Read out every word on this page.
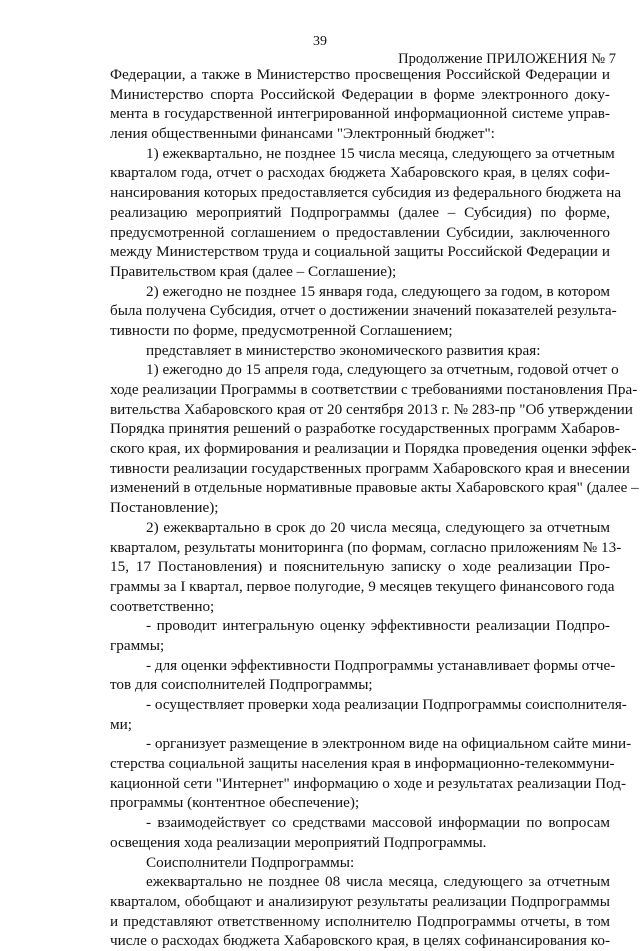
39
Продолжение ПРИЛОЖЕНИЯ № 7
Федерации, а также в Министерство просвещения Российской Федерации и
Министерство спорта Российской Федерации в форме электронного доку-
мента в государственной интегрированной информационной системе управ-
ления общественными финансами "Электронный бюджет":
1) ежеквартально, не позднее 15 числа месяца, следующего за отчетным
кварталом года, отчет о расходах бюджета Хабаровского края, в целях софи-
нансирования которых предоставляется субсидия из федерального бюджета на
реализацию мероприятий Подпрограммы (далее – Субсидия) по форме,
предусмотренной соглашением о предоставлении Субсидии, заключенного
между Министерством труда и социальной защиты Российской Федерации и
Правительством края (далее – Соглашение);
2) ежегодно не позднее 15 января года, следующего за годом, в котором
была получена Субсидия, отчет о достижении значений показателей результа-
тивности по форме, предусмотренной Соглашением;
представляет в министерство экономического развития края:
1) ежегодно до 15 апреля года, следующего за отчетным, годовой отчет о
ходе реализации Программы в соответствии с требованиями постановления Пра-
вительства Хабаровского края от 20 сентября 2013 г. № 283-пр "Об утверждении
Порядка принятия решений о разработке государственных программ Хабаров-
ского края, их формирования и реализации и Порядка проведения оценки эффек-
тивности реализации государственных программ Хабаровского края и внесении
изменений в отдельные нормативные правовые акты Хабаровского края" (далее –
Постановление);
2) ежеквартально в срок до 20 числа месяца, следующего за отчетным
кварталом, результаты мониторинга (по формам, согласно приложениям № 13-
15, 17 Постановления) и пояснительную записку о ходе реализации Про-
граммы за I квартал, первое полугодие, 9 месяцев текущего финансового года
соответственно;
- проводит интегральную оценку эффективности реализации Подпро-
граммы;
- для оценки эффективности Подпрограммы устанавливает формы отче-
тов для соисполнителей Подпрограммы;
- осуществляет проверки хода реализации Подпрограммы соисполнителя-
ми;
- организует размещение в электронном виде на официальном сайте мини-
стерства социальной защиты населения края в информационно-телекоммуни-
кационной сети "Интернет" информацию о ходе и результатах реализации Под-
программы (контентное обеспечение);
- взаимодействует со средствами массовой информации по вопросам
освещения хода реализации мероприятий Подпрограммы.
Соисполнители Подпрограммы:
ежеквартально не позднее 08 числа месяца, следующего за отчетным
кварталом, обобщают и анализируют результаты реализации Подпрограммы
и представляют ответственному исполнителю Подпрограммы отчеты, в том
числе о расходах бюджета Хабаровского края, в целях софинансирования ко-
